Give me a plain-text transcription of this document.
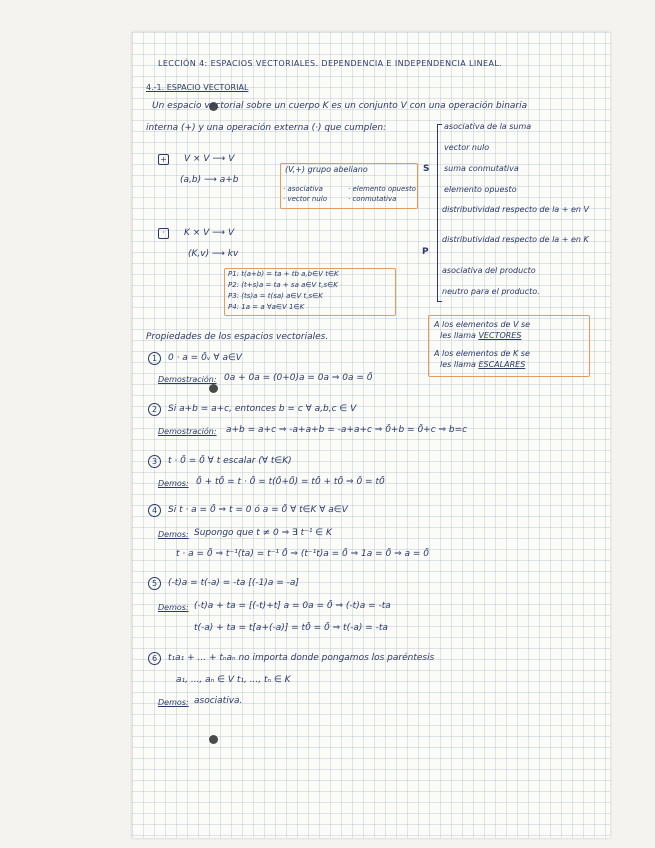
LECCIÓN 4: ESPACIOS VECTORIALES. DEPENDENCIA E INDEPENDENCIA LINEAL.
4.-1. ESPACIO VECTORIAL
Un espacio vectorial sobre un cuerpo K es un conjunto V con una operación binaria
interna (+) y una operación externa (·) que cumplen:	asociativa de la suma
vector nulo
suma conmutativa
elemento opuesto
S
distributividad respecto de la + en V
distributividad respecto de la + en K
asociativa del producto
neutro para el producto.
P
+ V × V ⟶ V
(a,b) ⟶ a+b
(V,+) grupo abeliano
· asociativa	· elemento opuesto
· vector nulo	· conmutativa
·	K × V ⟶ V
(K,v) ⟶ kv
P1: t(a+b) = ta + tb a,b∈V t∈K
P2: (t+s)a = ta + sa a∈V t,s∈K
P3: (ts)a = t(sa) a∈V t,s∈K
P4: 1a = a ∀a∈V 1∈K
A los elementos de V se
les llama VECTORES
A los elementos de K se
les llama ESCALARES
Propiedades de los espacios vectoriales.
1	0 · a = 0̄ᵥ ∀ a∈V
Demostración: 0a + 0a = (0+0)a = 0a ⇒ 0a = 0̄
2	Si a+b = a+c, entonces b = c ∀ a,b,c ∈ V
Demostración: a+b = a+c ⇒ -a+a+b = -a+a+c ⇒ 0̄+b = 0̄+c ⇒ b=c
3	t · 0̄ = 0̄ ∀ t escalar (∀ t∈K)
Demos: 0̄ + t0̄ = t · 0̄ = t(0̄+0̄) = t0̄ + t0̄ ⇒ 0̄ = t0̄
4	Si t · a = 0̄ ⇒ t = 0 ó a = 0̄ ∀ t∈K ∀ a∈V
Demos: Supongo que t ≠ 0 ⇒ ∃ t⁻¹ ∈ K
t · a = 0̄ ⇒ t⁻¹(ta) = t⁻¹ 0̄ ⇒ (t⁻¹t)a = 0̄ ⇒ 1a = 0̄ ⇒ a = 0̄
5	(-t)a = t(-a) = -ta [(-1)a = -a]
Demos: (-t)a + ta = [(-t)+t] a = 0a = 0̄ ⇒ (-t)a = -ta
t(-a) + ta = t[a+(-a)] = t0̄ = 0̄ ⇒ t(-a) = -ta
6	t₁a₁ + ... + tₙaₙ no importa donde pongamos los paréntesis
a₁, ..., aₙ ∈ V t₁, ..., tₙ ∈ K
Demos: asociativa.
